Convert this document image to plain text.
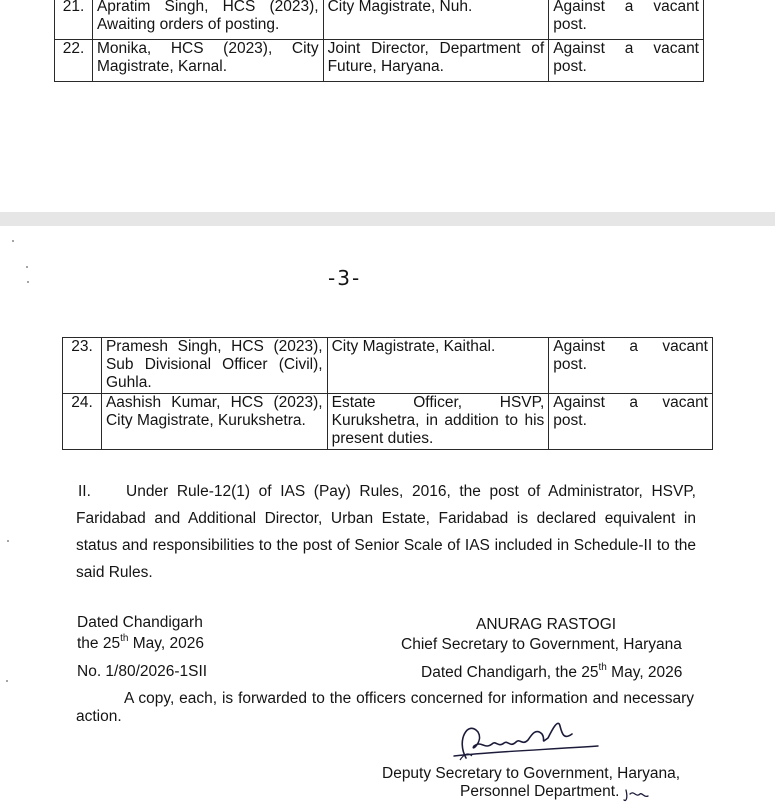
21.	Apratim Singh, HCS (2023), Awaiting orders of posting.	City Magistrate, Nuh.	Against a vacant
post.

22.	Monika, HCS (2023), City Magistrate, Karnal.	Joint Director, Department of Future, Haryana.	Against a vacant
post.
-3-
23.	Pramesh Singh, HCS (2023), Sub Divisional Officer (Civil), Guhla.	City Magistrate, Kaithal.	Against a vacant
post.

24.	Aashish Kumar, HCS (2023), City Magistrate, Kurukshetra.	Estate Officer, HSVP, Kurukshetra, in addition to his present duties.	Against a vacant
post.
II. Under Rule-12(1) of IAS (Pay) Rules, 2016, the post of Administrator, HSVP, Faridabad and Additional Director, Urban Estate, Faridabad is declared equivalent in status and responsibilities to the post of Senior Scale of IAS included in Schedule-II to the said Rules.
Dated Chandigarh
the 25th May, 2026
ANURAG RASTOGI
Chief Secretary to Government, Haryana
No. 1/80/2026-1SII	Dated Chandigarh, the 25th May, 2026
A copy, each, is forwarded to the officers concerned for information and necessary action.
Deputy Secretary to Government, Haryana,
Personnel Department.
